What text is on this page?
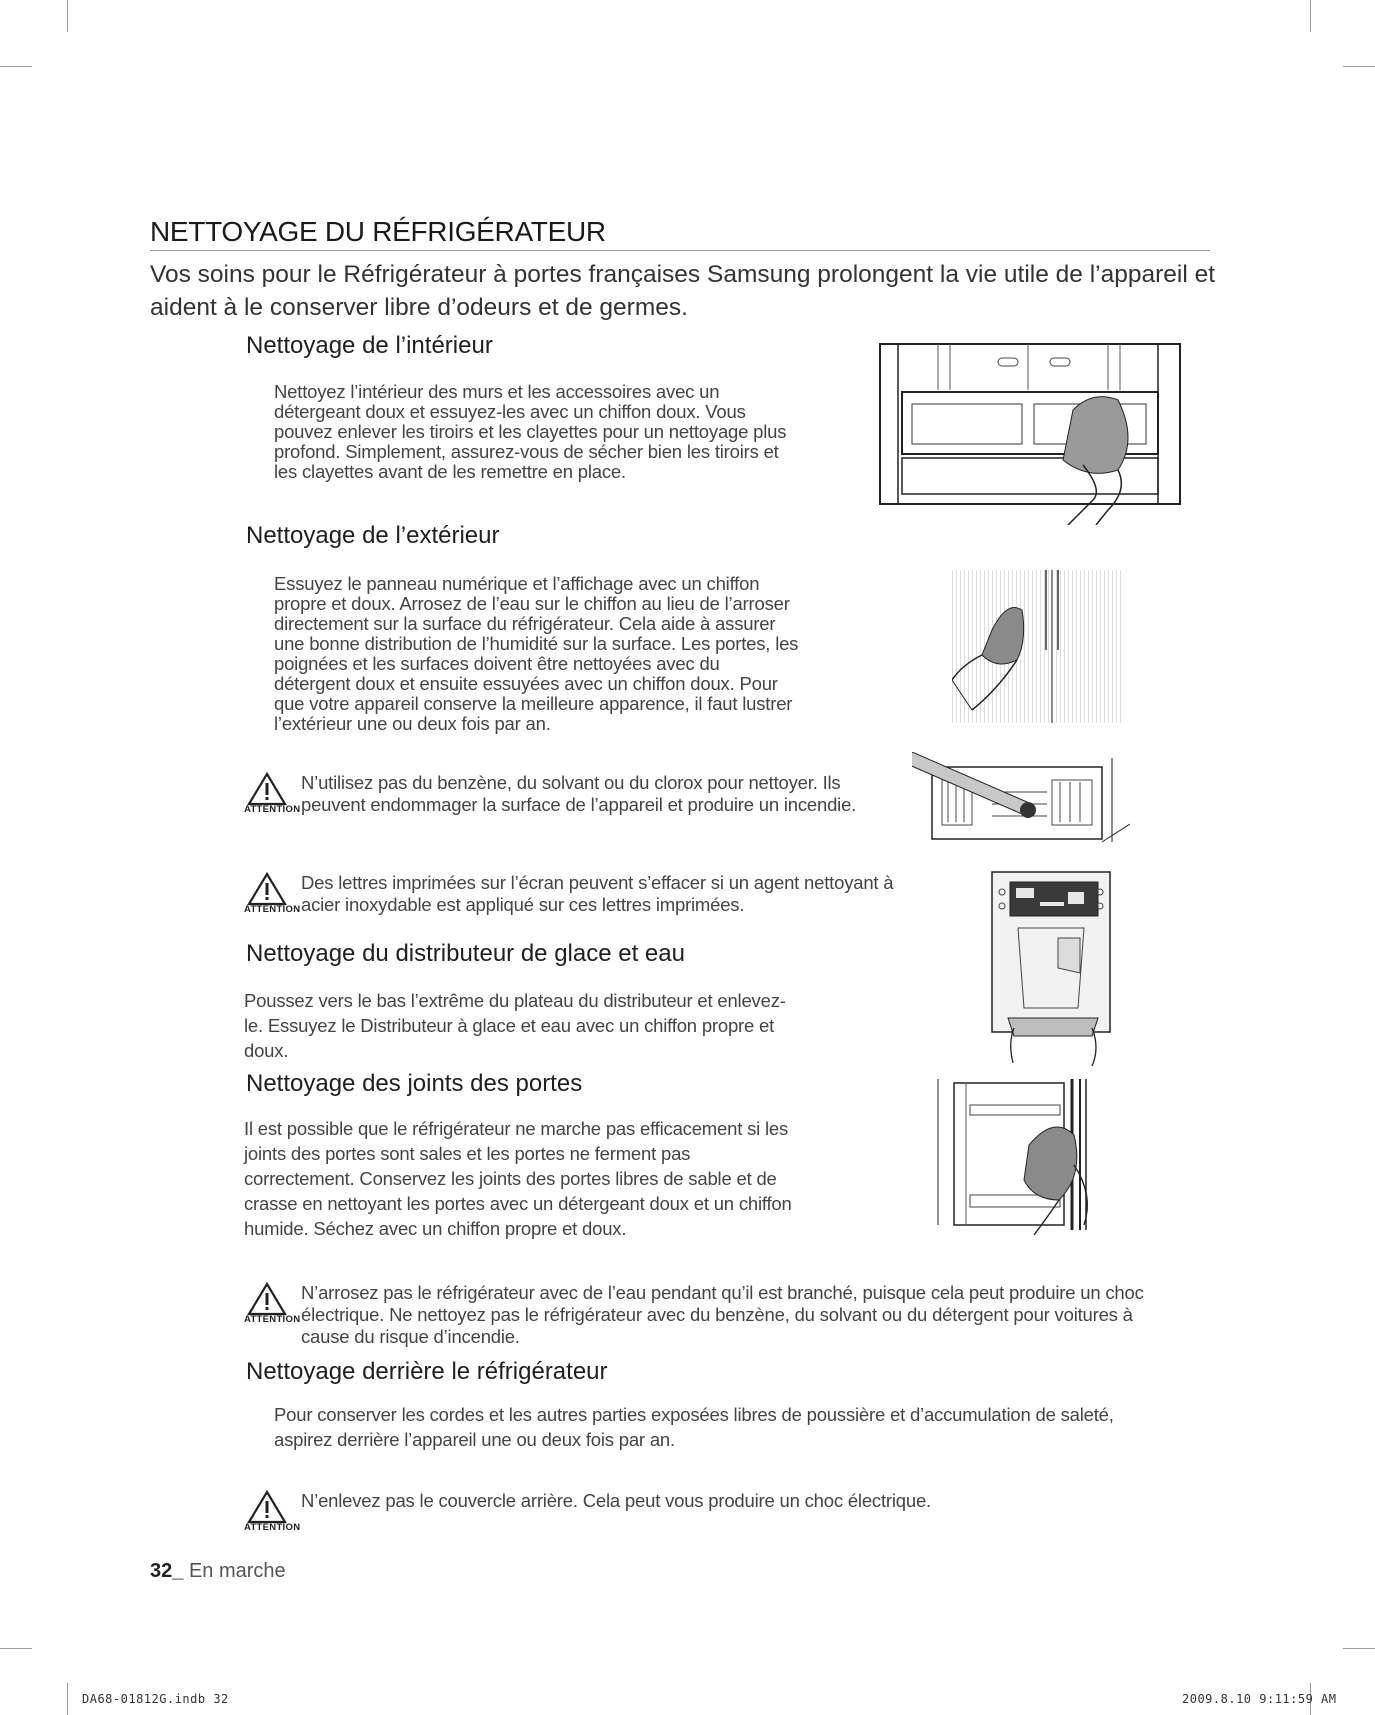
NETTOYAGE DU RÉFRIGÉRATEUR
Vos soins pour le Réfrigérateur à portes françaises Samsung prolongent la vie utile de l’appareil et aident à le conserver libre d’odeurs et de germes.
Nettoyage de l’intérieur
Nettoyez l’intérieur des murs et les accessoires avec un détergeant doux et essuyez-les avec un chiffon doux. Vous pouvez enlever les tiroirs et les clayettes pour un nettoyage plus profond. Simplement, assurez-vous de sécher bien les tiroirs et les clayettes avant de les remettre en place.
Nettoyage de l’extérieur
Essuyez le panneau numérique et l’affichage avec un chiffon propre et doux. Arrosez de l’eau sur le chiffon au lieu de l’arroser directement sur la surface du réfrigérateur. Cela aide à assurer une bonne distribution de l’humidité sur la surface. Les portes, les poignées et les surfaces doivent être nettoyées avec du détergent doux et ensuite essuyées avec un chiffon doux. Pour que votre appareil conserve la meilleure apparence, il faut lustrer l’extérieur une ou deux fois par an.
ATTENTION
N’utilisez pas du benzène, du solvant ou du clorox pour nettoyer. Ils peuvent endommager la surface de l’appareil et produire un incendie.
ATTENTION
Des lettres imprimées sur l’écran peuvent s’effacer si un agent nettoyant à acier inoxydable est appliqué sur ces lettres imprimées.
Nettoyage du distributeur de glace et eau
Poussez vers le bas l’extrême du plateau du distributeur et enlevez-le. Essuyez le Distributeur à glace et eau avec un chiffon propre et doux.
Nettoyage des joints des portes
Il est possible que le réfrigérateur ne marche pas efficacement si les joints des portes sont sales et les portes ne ferment pas correctement. Conservez les joints des portes libres de sable et de crasse en nettoyant les portes avec un détergeant doux et un chiffon humide. Séchez avec un chiffon propre et doux.
ATTENTION
N’arrosez pas le réfrigérateur avec de l’eau pendant qu’il est branché, puisque cela peut produire un choc électrique. Ne nettoyez pas le réfrigérateur avec du benzène, du solvant ou du détergent pour voitures à cause du risque d’incendie.
Nettoyage derrière le réfrigérateur
Pour conserver les cordes et les autres parties exposées libres de poussière et d’accumulation de saleté, aspirez derrière l’appareil une ou deux fois par an.
ATTENTION
N’enlevez pas le couvercle arrière. Cela peut vous produire un choc électrique.
32_ En marche
DA68-01812G.indb 32	2009.8.10 9:11:59 AM
